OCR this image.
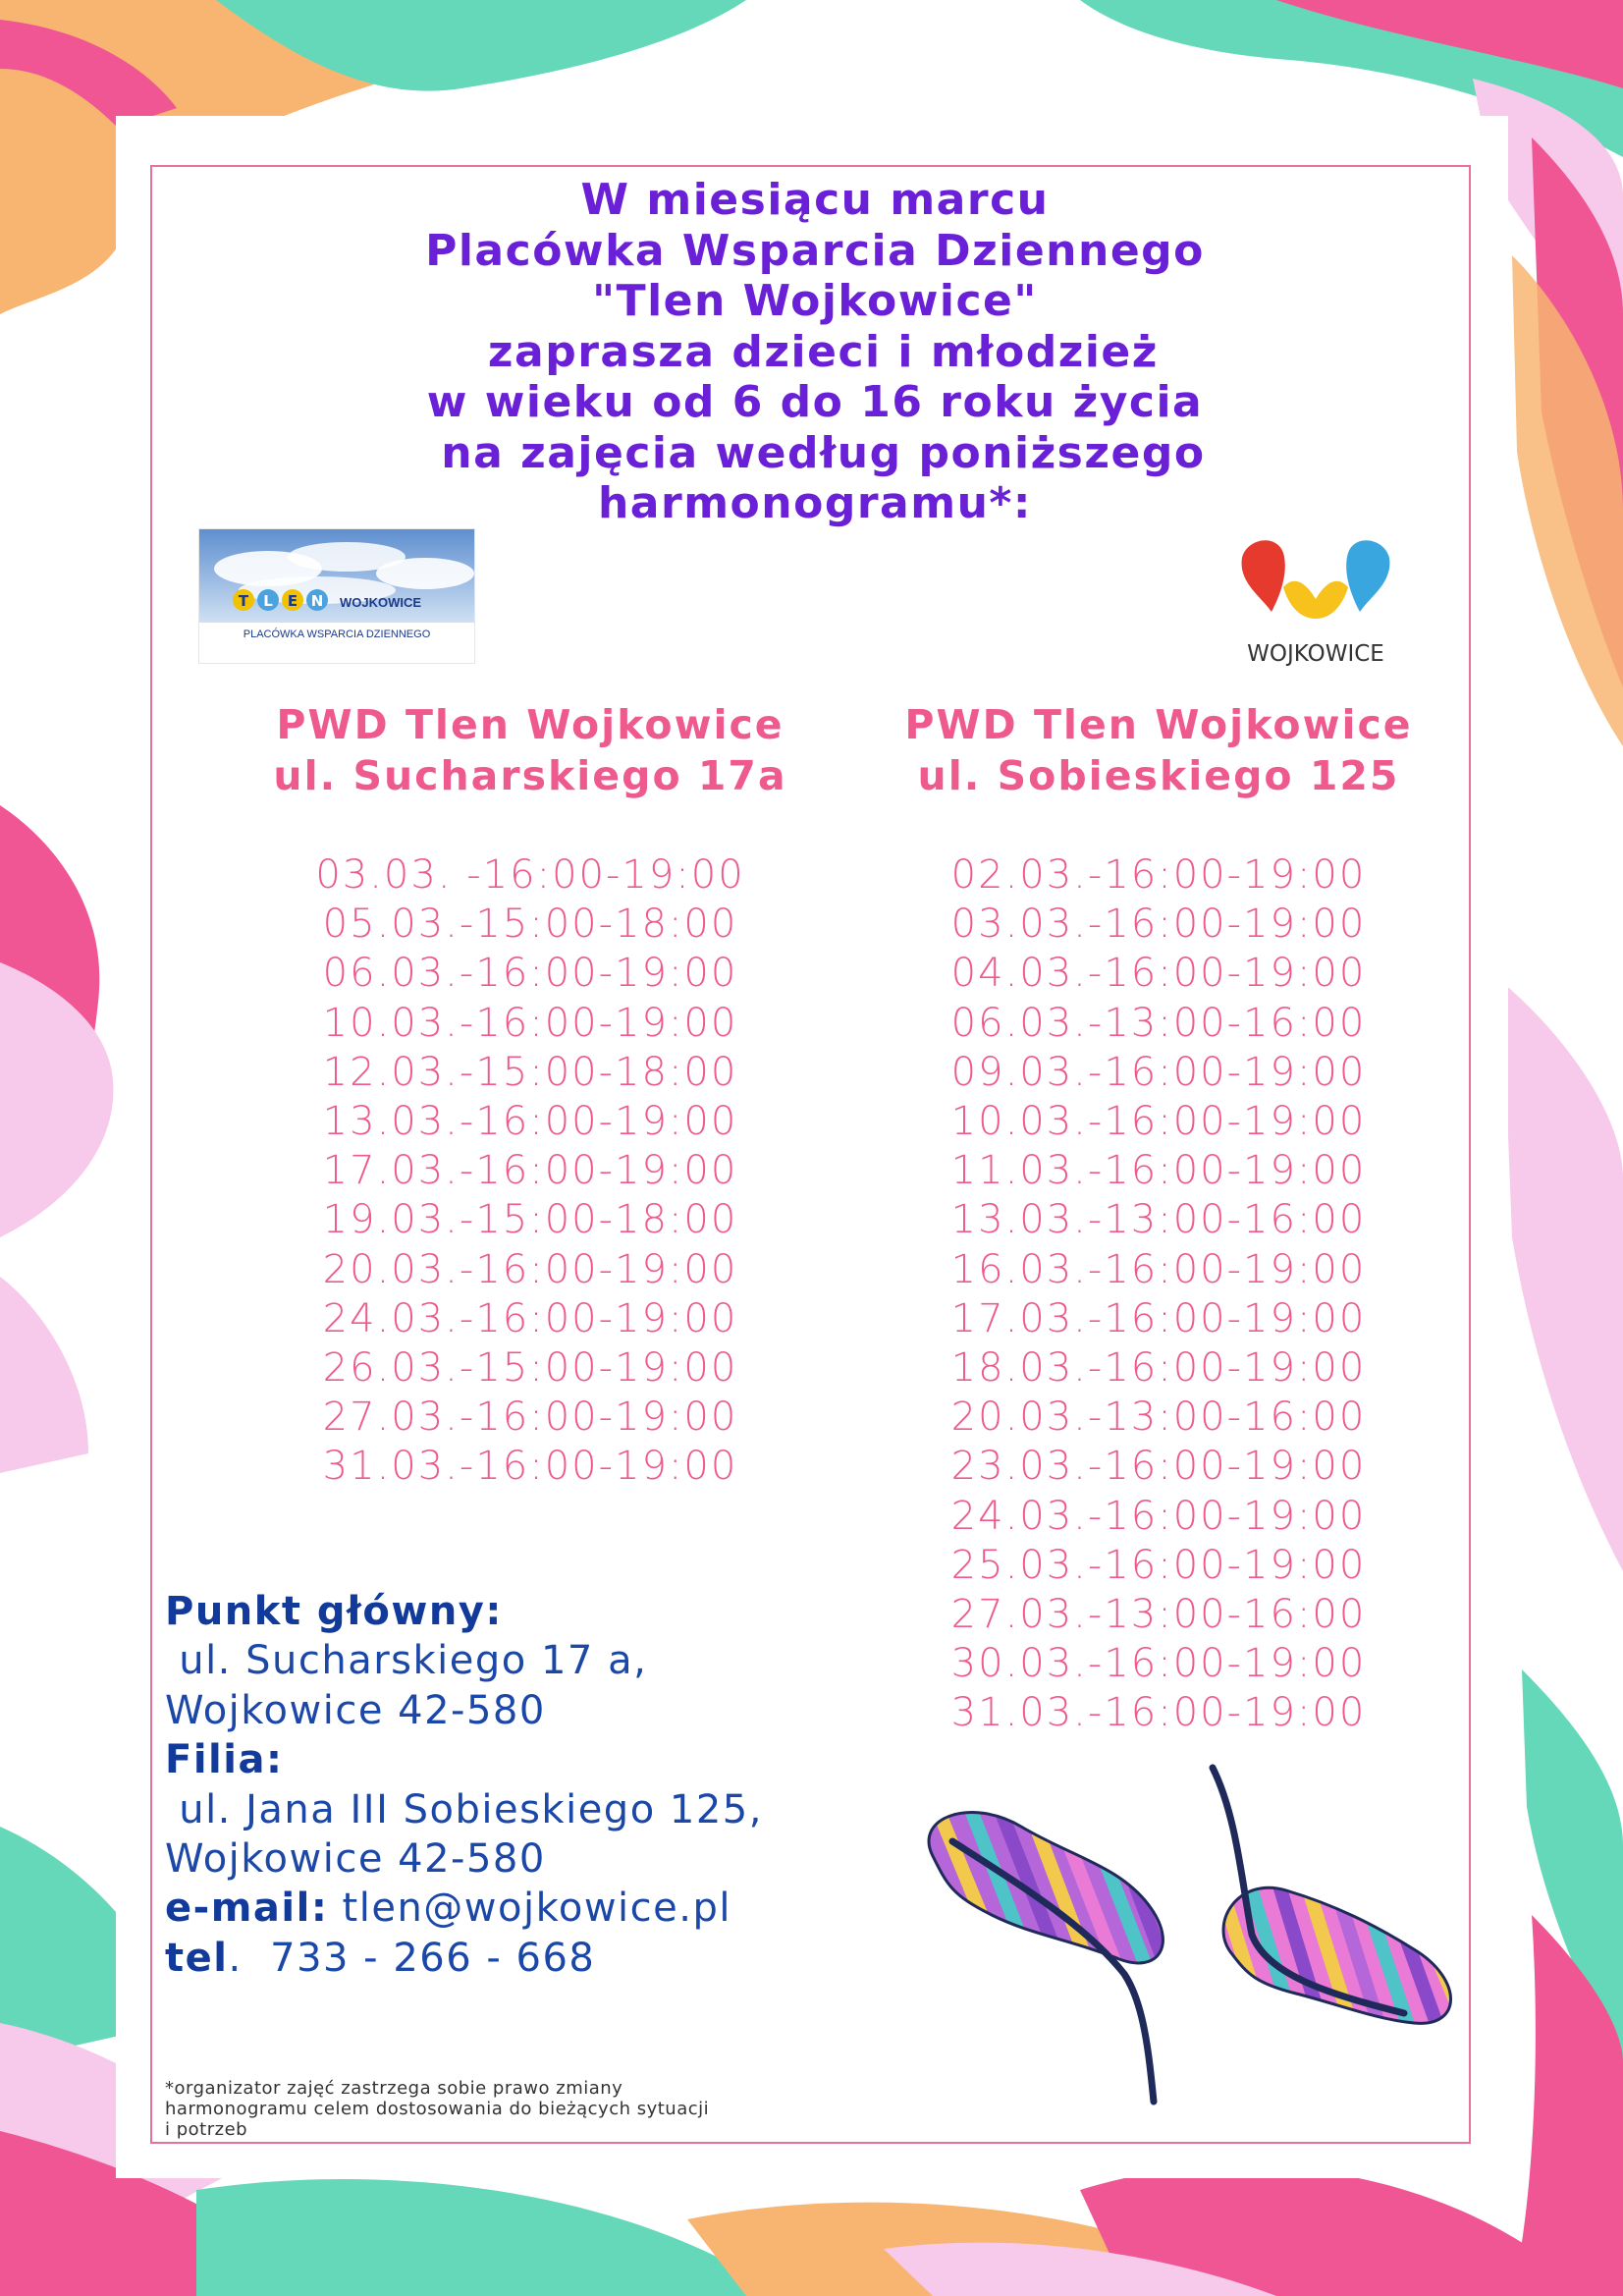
W miesiącu marcu
Placówka Wsparcia Dziennego
"Tlen Wojkowice"
zaprasza dzieci i młodzież
w wieku od 6 do 16 roku życia
na zajęcia według poniższego
harmonogramu*:
T L E N WOJKOWICE
PLACÓWKA WSPARCIA DZIENNEGO
WOJKOWICE
PWD Tlen Wojkowice
ul. Sucharskiego 17a
PWD Tlen Wojkowice
ul. Sobieskiego 125
03.03. -16:00-19:00
05.03.-15:00-18:00
06.03.-16:00-19:00
10.03.-16:00-19:00
12.03.-15:00-18:00
13.03.-16:00-19:00
17.03.-16:00-19:00
19.03.-15:00-18:00
20.03.-16:00-19:00
24.03.-16:00-19:00
26.03.-15:00-19:00
27.03.-16:00-19:00
31.03.-16:00-19:00
02.03.-16:00-19:00
03.03.-16:00-19:00
04.03.-16:00-19:00
06.03.-13:00-16:00
09.03.-16:00-19:00
10.03.-16:00-19:00
11.03.-16:00-19:00
13.03.-13:00-16:00
16.03.-16:00-19:00
17.03.-16:00-19:00
18.03.-16:00-19:00
20.03.-13:00-16:00
23.03.-16:00-19:00
24.03.-16:00-19:00
25.03.-16:00-19:00
27.03.-13:00-16:00
30.03.-16:00-19:00
31.03.-16:00-19:00
Punkt główny:
ul. Sucharskiego 17 a,
Wojkowice 42-580
Filia:
ul. Jana III Sobieskiego 125,
Wojkowice 42-580
e-mail: tlen@wojkowice.pl
tel.  733 - 266 - 668
*organizator zajęć zastrzega sobie prawo zmiany
harmonogramu celem dostosowania do bieżących sytuacji
i potrzeb
